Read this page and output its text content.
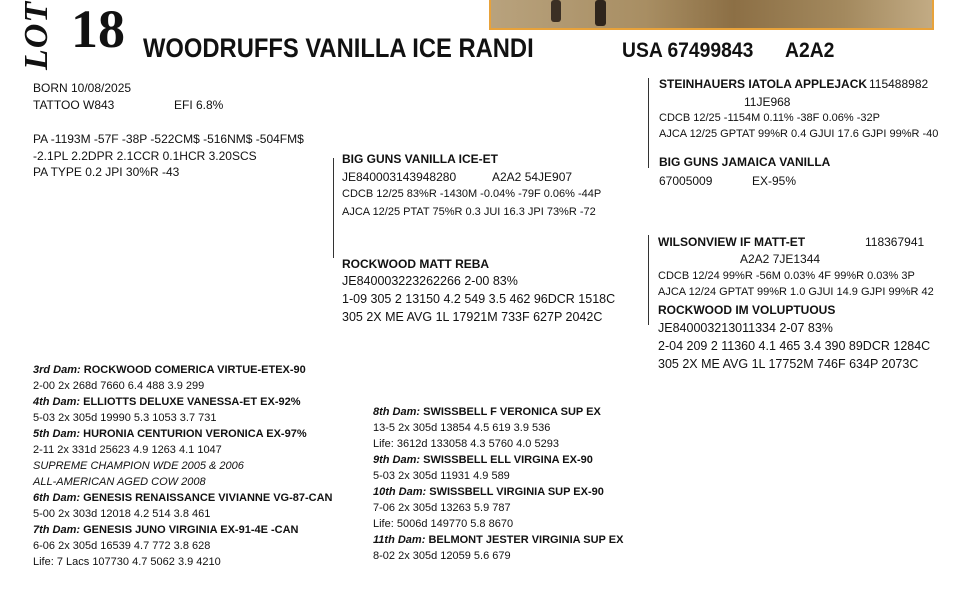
LOT 18 WOODRUFFS VANILLA ICE RANDI	USA 67499843 A2A2
BORN 10/08/2025
TATTOO W843	EFI 6.8%
PA -1193M -57F -38P -522CM$ -516NM$ -504FM$
-2.1PL 2.2DPR 2.1CCR 0.1HCR 3.20SCS
PA TYPE 0.2 JPI 30%R -43
BIG GUNS VANILLA ICE-ET
JE840003143948280	A2A2 54JE907
CDCB 12/25 83%R -1430M -0.04% -79F 0.06% -44P
AJCA 12/25 PTAT 75%R 0.3 JUI 16.3 JPI 73%R -72
ROCKWOOD MATT REBA
JE840003223262266 2-00 83%
1-09 305 2 13150 4.2 549 3.5 462 96DCR 1518C
305 2X ME AVG 1L 17921M 733F 627P 2042C
STEINHAUERS IATOLA APPLEJACK 115488982
11JE968
CDCB 12/25 -1154M 0.11% -38F 0.06% -32P
AJCA 12/25 GPTAT 99%R 0.4 GJUI 17.6 GJPI 99%R -40
BIG GUNS JAMAICA VANILLA
67005009	EX-95%
WILSONVIEW IF MATT-ET	118367941
A2A2 7JE1344
CDCB 12/24 99%R -56M 0.03% 4F 99%R 0.03% 3P
AJCA 12/24 GPTAT 99%R 1.0 GJUI 14.9 GJPI 99%R 42
ROCKWOOD IM VOLUPTUOUS
JE840003213011334 2-07 83%
2-04 209 2 11360 4.1 465 3.4 390 89DCR 1284C
305 2X ME AVG 1L 17752M 746F 634P 2073C
3rd Dam: ROCKWOOD COMERICA VIRTUE-ETEX-90
2-00 2x 268d 7660 6.4 488 3.9 299
4th Dam: ELLIOTTS DELUXE VANESSA-ET EX-92%
5-03 2x 305d 19990 5.3 1053 3.7 731
5th Dam: HURONIA CENTURION VERONICA EX-97%
2-11 2x 331d 25623 4.9 1263 4.1 1047
SUPREME CHAMPION WDE 2005 & 2006
ALL-AMERICAN AGED COW 2008
6th Dam: GENESIS RENAISSANCE VIVIANNE VG-87-CAN
5-00 2x 303d 12018 4.2 514 3.8 461
7th Dam: GENESIS JUNO VIRGINIA EX-91-4E -CAN
6-06 2x 305d 16539 4.7 772 3.8 628
Life: 7 Lacs 107730 4.7 5062 3.9 4210
8th Dam: SWISSBELL F VERONICA SUP EX
13-5 2x 305d 13854 4.5 619 3.9 536
Life: 3612d 133058 4.3 5760 4.0 5293
9th Dam: SWISSBELL ELL VIRGINA EX-90
5-03 2x 305d 11931 4.9 589
10th Dam: SWISSBELL VIRGINIA SUP EX-90
7-06 2x 305d 13263 5.9 787
Life: 5006d 149770 5.8 8670
11th Dam: BELMONT JESTER VIRGINIA SUP EX
8-02 2x 305d 12059 5.6 679
